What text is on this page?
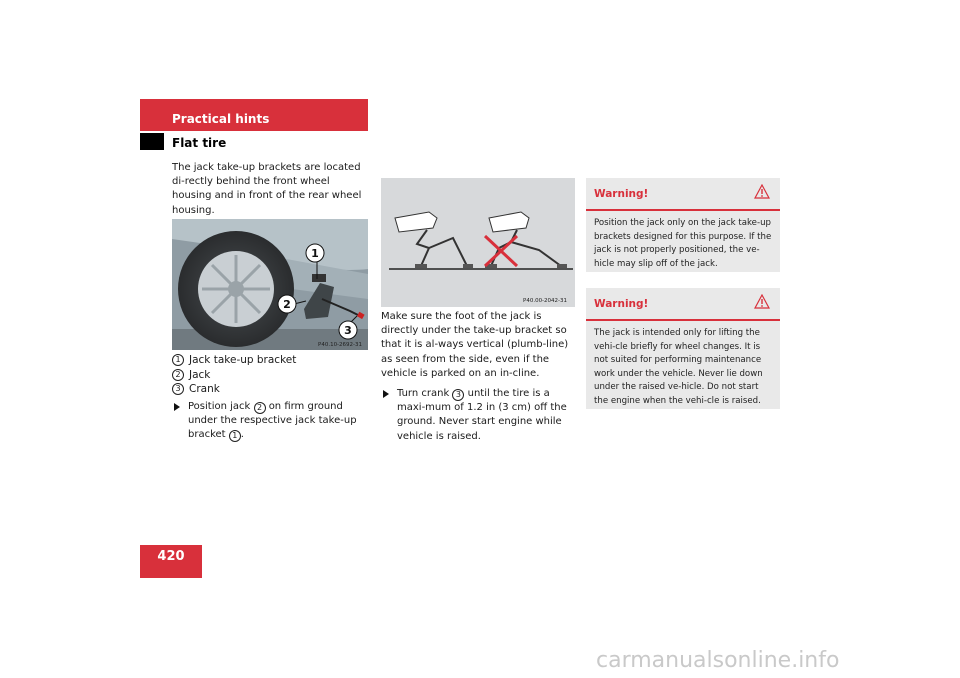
Practical hints
Flat tire

The jack take-up brackets are located di-rectly behind the front wheel housing and in front of the rear wheel housing.

1
2
3
P40.10-2692-31
1 Jack take-up bracket
2 Jack
3 Crank
Position jack 2 on firm ground under the respective jack take-up bracket 1 .
P40.00-2042-31

Make sure the foot of the jack is directly under the take-up bracket so that it is al-ways vertical (plumb-line) as seen from the side, even if the vehicle is parked on an in-cline.

Turn crank 3 until the tire is a maxi-mum of 1.2 in (3 cm) off the ground. Never start engine while vehicle is raised.
Warning!
Position the jack only on the jack take-up brackets designed for this purpose. If the jack is not properly positioned, the ve-hicle may slip off of the jack.
Warning!
The jack is intended only for lifting the vehi-cle briefly for wheel changes. It is not suited for performing maintenance work under the vehicle. Never lie down under the raised ve-hicle. Do not start the engine when the vehi-cle is raised.
420
carmanualsonline.info
